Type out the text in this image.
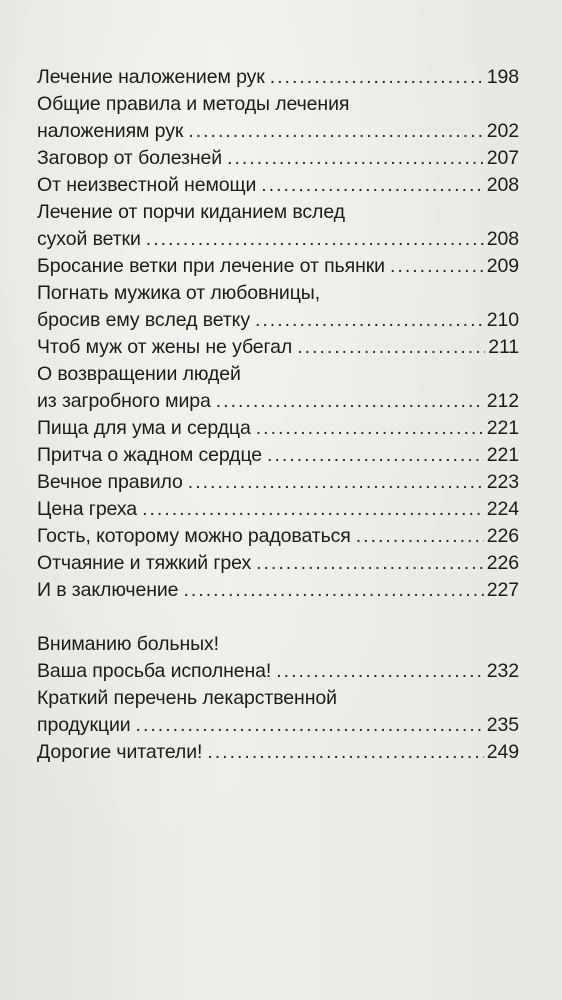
Лечение наложением рук .....	198
Общие правила и методы лечения
наложениям рук .....	202
Заговор от болезней .....	207
От неизвестной немощи .....	208
Лечение от порчи киданием вслед
сухой ветки .....	208
Бросание ветки при лечение от пьянки .....	209
Погнать мужика от любовницы,
бросив ему вслед ветку .....	210
Чтоб муж от жены не убегал .....	211
О возвращении людей
из загробного мира .....	212
Пища для ума и сердца .....	221
Притча о жадном сердце .....	221
Вечное правило .....	223
Цена греха .....	224
Гость, которому можно радоваться .....	226
Отчаяние и тяжкий грех .....	226
И в заключение .....	227
Вниманию больных!
Ваша просьба исполнена! .....	232
Краткий перечень лекарственной
продукции .....	235
Дорогие читатели! .....	249
